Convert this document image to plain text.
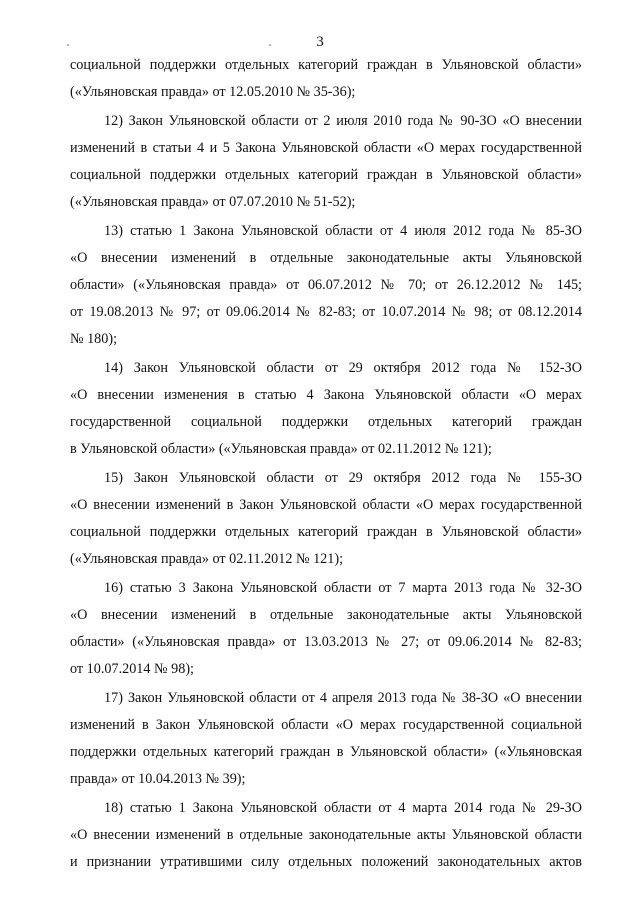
3
социальной поддержки отдельных категорий граждан в Ульяновской области»
(«Ульяновская правда» от 12.05.2010 № 35-36);
12) Закон Ульяновской области от 2 июля 2010 года № 90-ЗО «О внесении
изменений в статьи 4 и 5 Закона Ульяновской области «О мерах государственной
социальной поддержки отдельных категорий граждан в Ульяновской области»
(«Ульяновская правда» от 07.07.2010 № 51-52);
13) статью 1 Закона Ульяновской области от 4 июля 2012 года № 85-ЗО
«О внесении изменений в отдельные законодательные акты Ульяновской
области» («Ульяновская правда» от 06.07.2012 № 70; от 26.12.2012 № 145;
от 19.08.2013 № 97; от 09.06.2014 № 82-83; от 10.07.2014 № 98; от 08.12.2014
№ 180);
14) Закон Ульяновской области от 29 октября 2012 года № 152-ЗО
«О внесении изменения в статью 4 Закона Ульяновской области «О мерах
государственной социальной поддержки отдельных категорий граждан
в Ульяновской области» («Ульяновская правда» от 02.11.2012 № 121);
15) Закон Ульяновской области от 29 октября 2012 года № 155-ЗО
«О внесении изменений в Закон Ульяновской области «О мерах государственной
социальной поддержки отдельных категорий граждан в Ульяновской области»
(«Ульяновская правда» от 02.11.2012 № 121);
16) статью 3 Закона Ульяновской области от 7 марта 2013 года № 32-ЗО
«О внесении изменений в отдельные законодательные акты Ульяновской
области» («Ульяновская правда» от 13.03.2013 № 27; от 09.06.2014 № 82-83;
от 10.07.2014 № 98);
17) Закон Ульяновской области от 4 апреля 2013 года № 38-ЗО «О внесении
изменений в Закон Ульяновской области «О мерах государственной социальной
поддержки отдельных категорий граждан в Ульяновской области» («Ульяновская
правда» от 10.04.2013 № 39);
18) статью 1 Закона Ульяновской области от 4 марта 2014 года № 29-ЗО
«О внесении изменений в отдельные законодательные акты Ульяновской области
и признании утратившими силу отдельных положений законодательных актов
